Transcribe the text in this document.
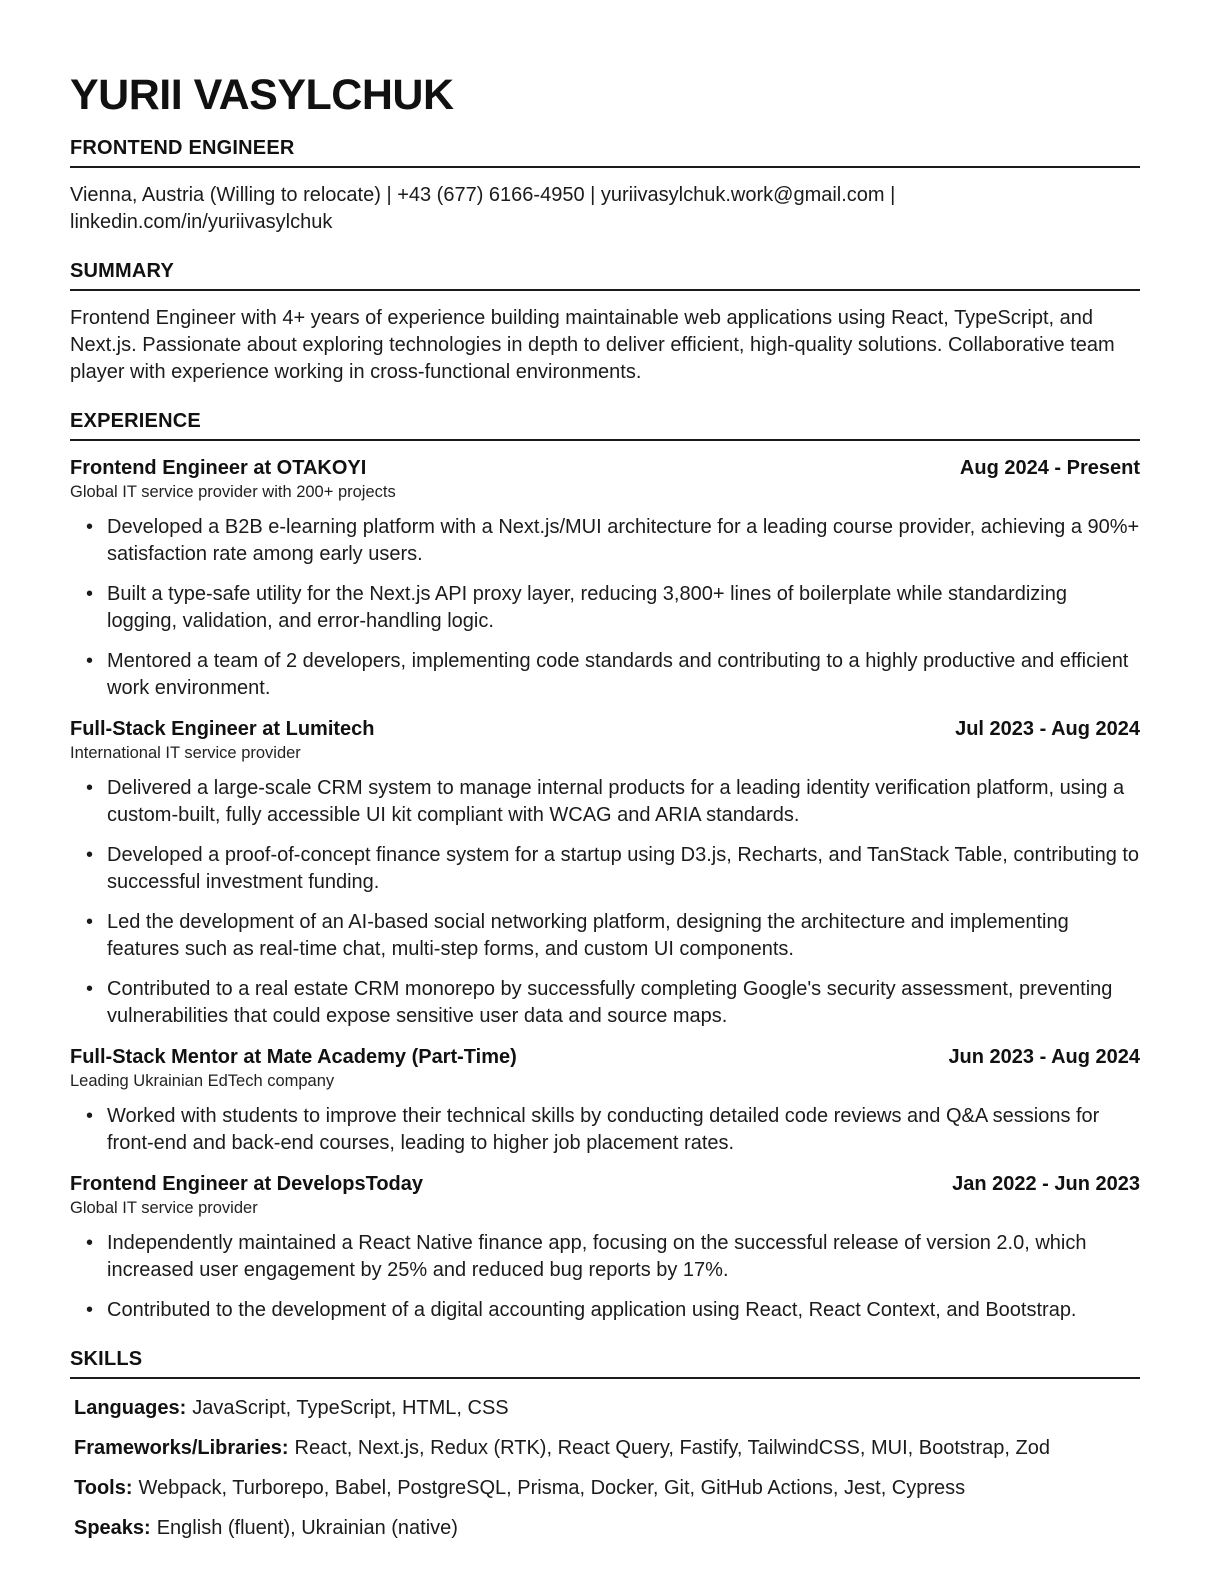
YURII VASYLCHUK
FRONTEND ENGINEER

Vienna, Austria (Willing to relocate) | +43 (677) 6166-4950 | yuriivasylchuk.work@gmail.com |
linkedin.com/in/yuriivasylchuk

SUMMARY

Frontend Engineer with 4+ years of experience building maintainable web applications using React, TypeScript, and Next.js. Passionate about exploring technologies in depth to deliver efficient, high-quality solutions. Collaborative team player with experience working in cross-functional environments.

EXPERIENCE
Frontend Engineer at OTAKOYI	Aug 2024 - Present
Global IT service provider with 200+ projects
• Developed a B2B e-learning platform with a Next.js/MUI architecture for a leading course provider, achieving a 90%+ satisfaction rate among early users.
• Built a type-safe utility for the Next.js API proxy layer, reducing 3,800+ lines of boilerplate while standardizing logging, validation, and error-handling logic.
• Mentored a team of 2 developers, implementing code standards and contributing to a highly productive and efficient work environment.
Full-Stack Engineer at Lumitech	Jul 2023 - Aug 2024
International IT service provider
• Delivered a large-scale CRM system to manage internal products for a leading identity verification platform, using a custom-built, fully accessible UI kit compliant with WCAG and ARIA standards.
• Developed a proof-of-concept finance system for a startup using D3.js, Recharts, and TanStack Table, contributing to successful investment funding.
• Led the development of an AI-based social networking platform, designing the architecture and implementing features such as real-time chat, multi-step forms, and custom UI components.
• Contributed to a real estate CRM monorepo by successfully completing Google's security assessment, preventing vulnerabilities that could expose sensitive user data and source maps.
Full-Stack Mentor at Mate Academy (Part-Time)	Jun 2023 - Aug 2024
Leading Ukrainian EdTech company
• Worked with students to improve their technical skills by conducting detailed code reviews and Q&A sessions for front-end and back-end courses, leading to higher job placement rates.
Frontend Engineer at DevelopsToday	Jan 2022 - Jun 2023
Global IT service provider
• Independently maintained a React Native finance app, focusing on the successful release of version 2.0, which increased user engagement by 25% and reduced bug reports by 17%.
• Contributed to the development of a digital accounting application using React, React Context, and Bootstrap.
SKILLS

Languages: JavaScript, TypeScript, HTML, CSS

Frameworks/Libraries: React, Next.js, Redux (RTK), React Query, Fastify, TailwindCSS, MUI, Bootstrap, Zod

Tools: Webpack, Turborepo, Babel, PostgreSQL, Prisma, Docker, Git, GitHub Actions, Jest, Cypress

Speaks: English (fluent), Ukrainian (native)
